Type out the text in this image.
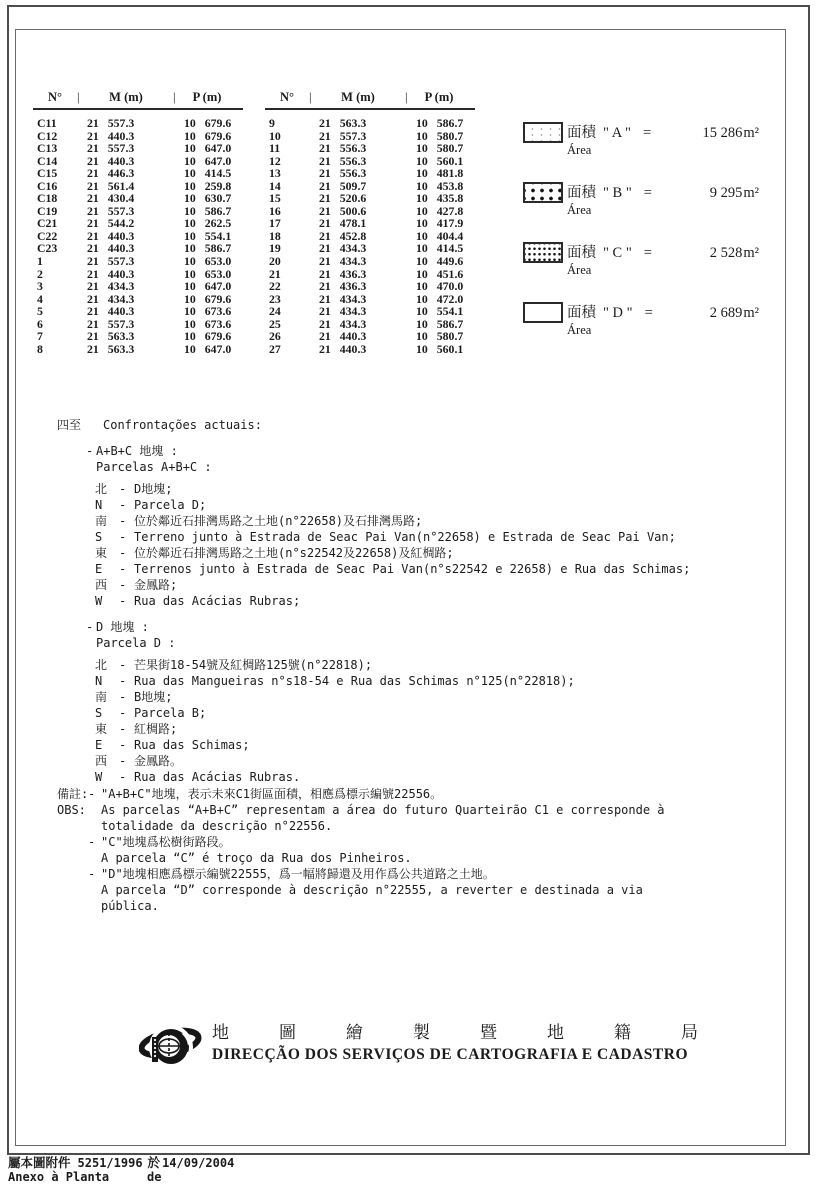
N°	|	M (m)	|	P (m)
C11	21 557.3	10 679.6
C12	21 440.3	10 679.6
C13	21 557.3	10 647.0
C14	21 440.3	10 647.0
C15	21 446.3	10 414.5
C16	21 561.4	10 259.8
C18	21 430.4	10 630.7
C19	21 557.3	10 586.7
C21	21 544.2	10 262.5
C22	21 440.3	10 554.1
C23	21 440.3	10 586.7
1	21 557.3	10 653.0
2	21 440.3	10 653.0
3	21 434.3	10 647.0
4	21 434.3	10 679.6
5	21 440.3	10 673.6
6	21 557.3	10 673.6
7	21 563.3	10 679.6
8	21 563.3	10 647.0
N°	|	M (m)	|	P (m)
9	21 563.3	10 586.7
10	21 557.3	10 580.7
11	21 556.3	10 580.7
12	21 556.3	10 560.1
13	21 556.3	10 481.8
14	21 509.7	10 453.8
15	21 520.6	10 435.8
16	21 500.6	10 427.8
17	21 478.1	10 417.9
18	21 452.8	10 404.4
19	21 434.3	10 414.5
20	21 434.3	10 449.6
21	21 436.3	10 451.6
22	21 436.3	10 470.0
23	21 434.3	10 472.0
24	21 434.3	10 554.1
25	21 434.3	10 586.7
26	21 440.3	10 580.7
27	21 440.3	10 560.1
面積 " A " =	15 286 m²
Área
面積 " B " =	9 295 m²
Área
面積 " C " =	2 528 m²
Área
面積 " D " =	2 689 m²
Área
四至	Confrontações actuais:
- A+B+C 地塊 :
Parcelas A+B+C :
北 - D地塊;
N	- Parcela D;
南 - 位於鄰近石排灣馬路之土地(n°22658)及石排灣馬路;
S	- Terreno junto à Estrada de Seac Pai Van(n°22658) e Estrada de Seac Pai Van;
東 - 位於鄰近石排灣馬路之土地(n°s22542及22658)及紅椆路;
E	- Terrenos junto à Estrada de Seac Pai Van(n°s22542 e 22658) e Rua das Schimas;
西 - 金鳳路;
W	- Rua das Acácias Rubras;
- D 地塊 :
Parcela D :
北 - 芒果街18-54號及紅椆路125號(n°22818);
N	- Rua das Mangueiras n°s18-54 e Rua das Schimas n°125(n°22818);
南 - B地塊;
S	- Parcela B;
東 - 紅椆路;
E	- Rua das Schimas;
西 - 金鳳路。
W	- Rua das Acácias Rubras.
備註:
OBS:
- "A+B+C"地塊，表示未來C1街區面積，相應爲標示編號22556。
As parcelas “A+B+C” representam a área do futuro Quarteirão C1 e corresponde à
totalidade da descrição n°22556.
- "C"地塊爲松樹街路段。
A parcela “C” é troço da Rua dos Pinheiros.
- "D"地塊相應爲標示編號22555，爲一幅將歸還及用作爲公共道路之土地。
A parcela “D” corresponde à descrição n°22555, a reverter e destinada a via
pública.
地 圖 繪 製 暨 地 籍 局
DIRECÇÃO DOS SERVIÇOS DE CARTOGRAFIA E CADASTRO
屬本圖附件 5251/1996 於 14/09/2004
Anexo à Planta	de
